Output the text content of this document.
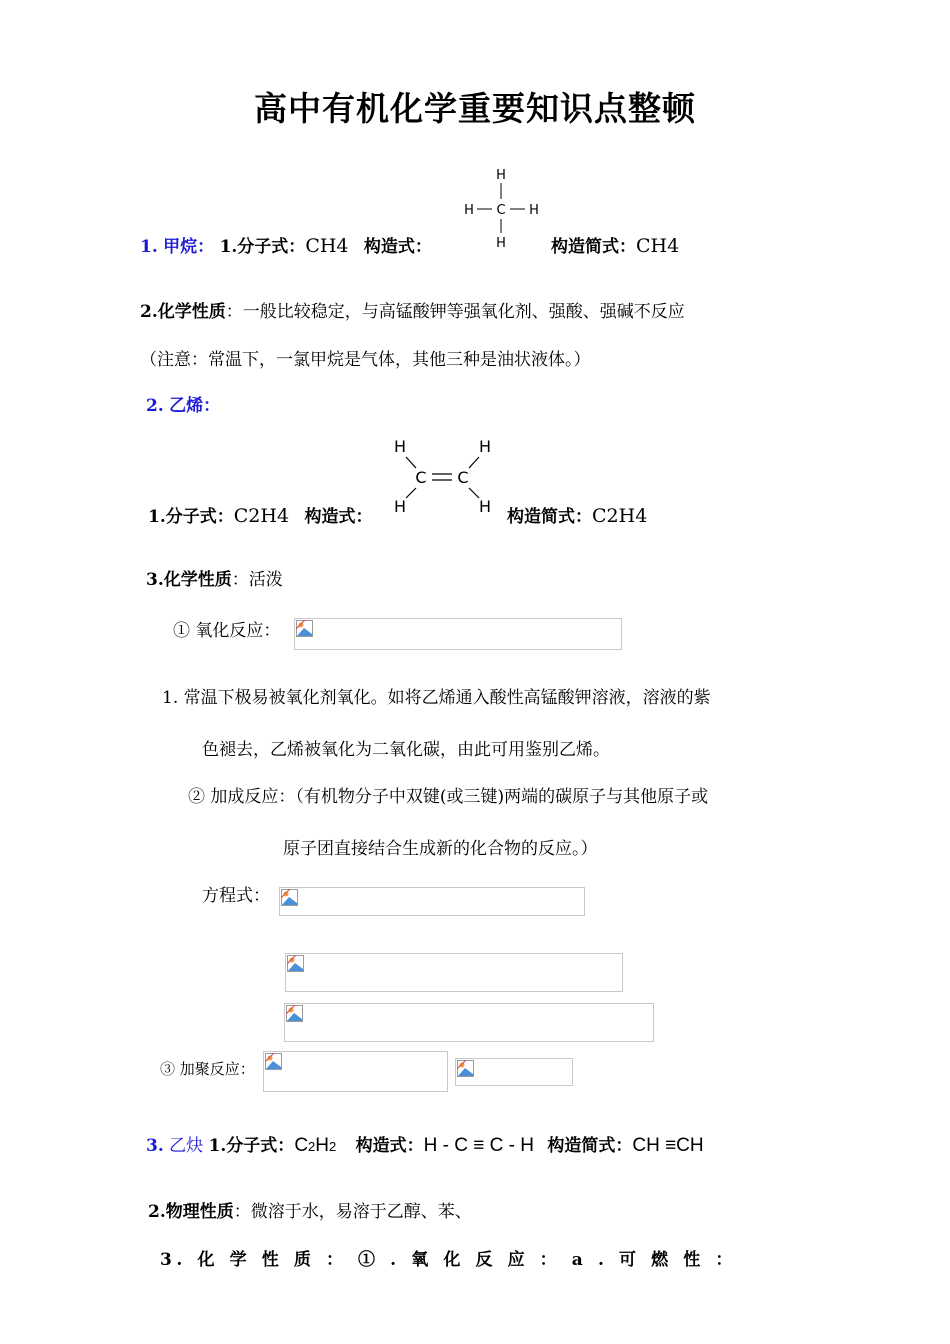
高中有机化学重要知识点整顿
1. 甲烷： 1.分子式：CH4 构造式：
H
H C H
H	构造简式：CH4
2.化学性质：一般比较稳定，与高锰酸钾等强氧化剂、强酸、强碱不反应
（注意：常温下，一氯甲烷是气体，其他三种是油状液体。）
2. 乙烯：
1.分子式：C2H4 构造式：
H	H
C C
H	H
构造简式：C2H4
3.化学性质：活泼
① 氧化反应：
1. 常温下极易被氧化剂氧化。如将乙烯通入酸性高锰酸钾溶液，溶液的紫
色褪去，乙烯被氧化为二氧化碳，由此可用鉴别乙烯。
② 加成反应：（有机物分子中双键(或三键)两端的碳原子与其他原子或
原子团直接结合生成新的化合物的反应。）
方程式：
③ 加聚反应：
3. 乙炔 1.分子式：C2H2 构造式：H - C ≡ C - H 构造简式：CH ≡CH
2.物理性质：微溶于水，易溶于乙醇、苯、
3. 化 学 性 质 ： ① . 氧 化 反 应 ： a . 可 燃 性 ：
